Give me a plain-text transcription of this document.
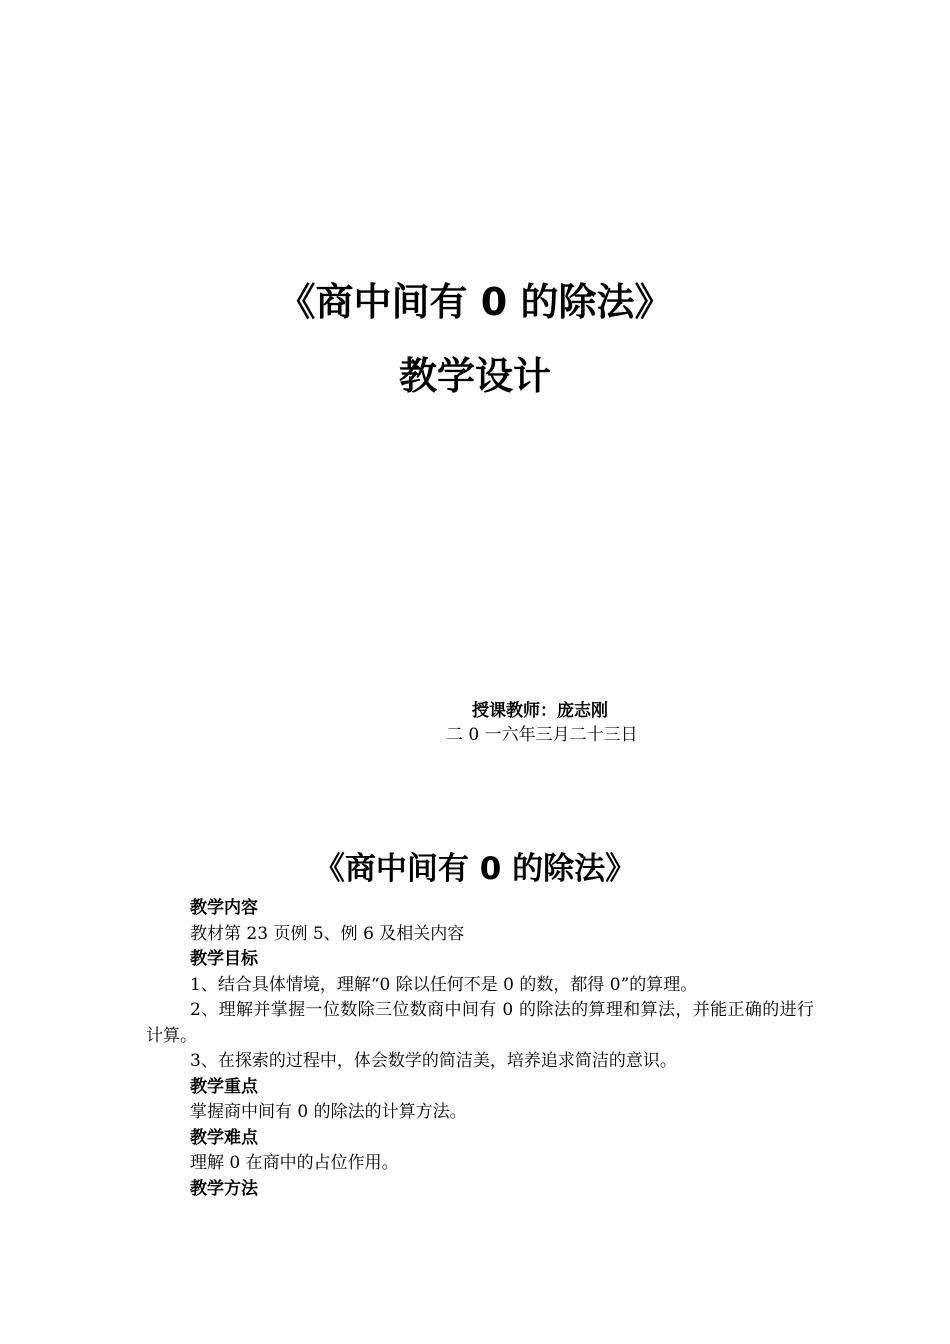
《商中间有 0 的除法》
教学设计

授课教师：庞志刚

二 0 一六年三月二十三日

《商中间有 0 的除法》

教学内容

教材第 23 页例 5、例 6 及相关内容

教学目标

1、结合具体情境，理解“0 除以任何不是 0 的数，都得 0”的算理。

2、理解并掌握一位数除三位数商中间有 0 的除法的算理和算法，并能正确的进行计算。

3、在探索的过程中，体会数学的简洁美，培养追求简洁的意识。

教学重点

掌握商中间有 0 的除法的计算方法。

教学难点

理解 0 在商中的占位作用。

教学方法
